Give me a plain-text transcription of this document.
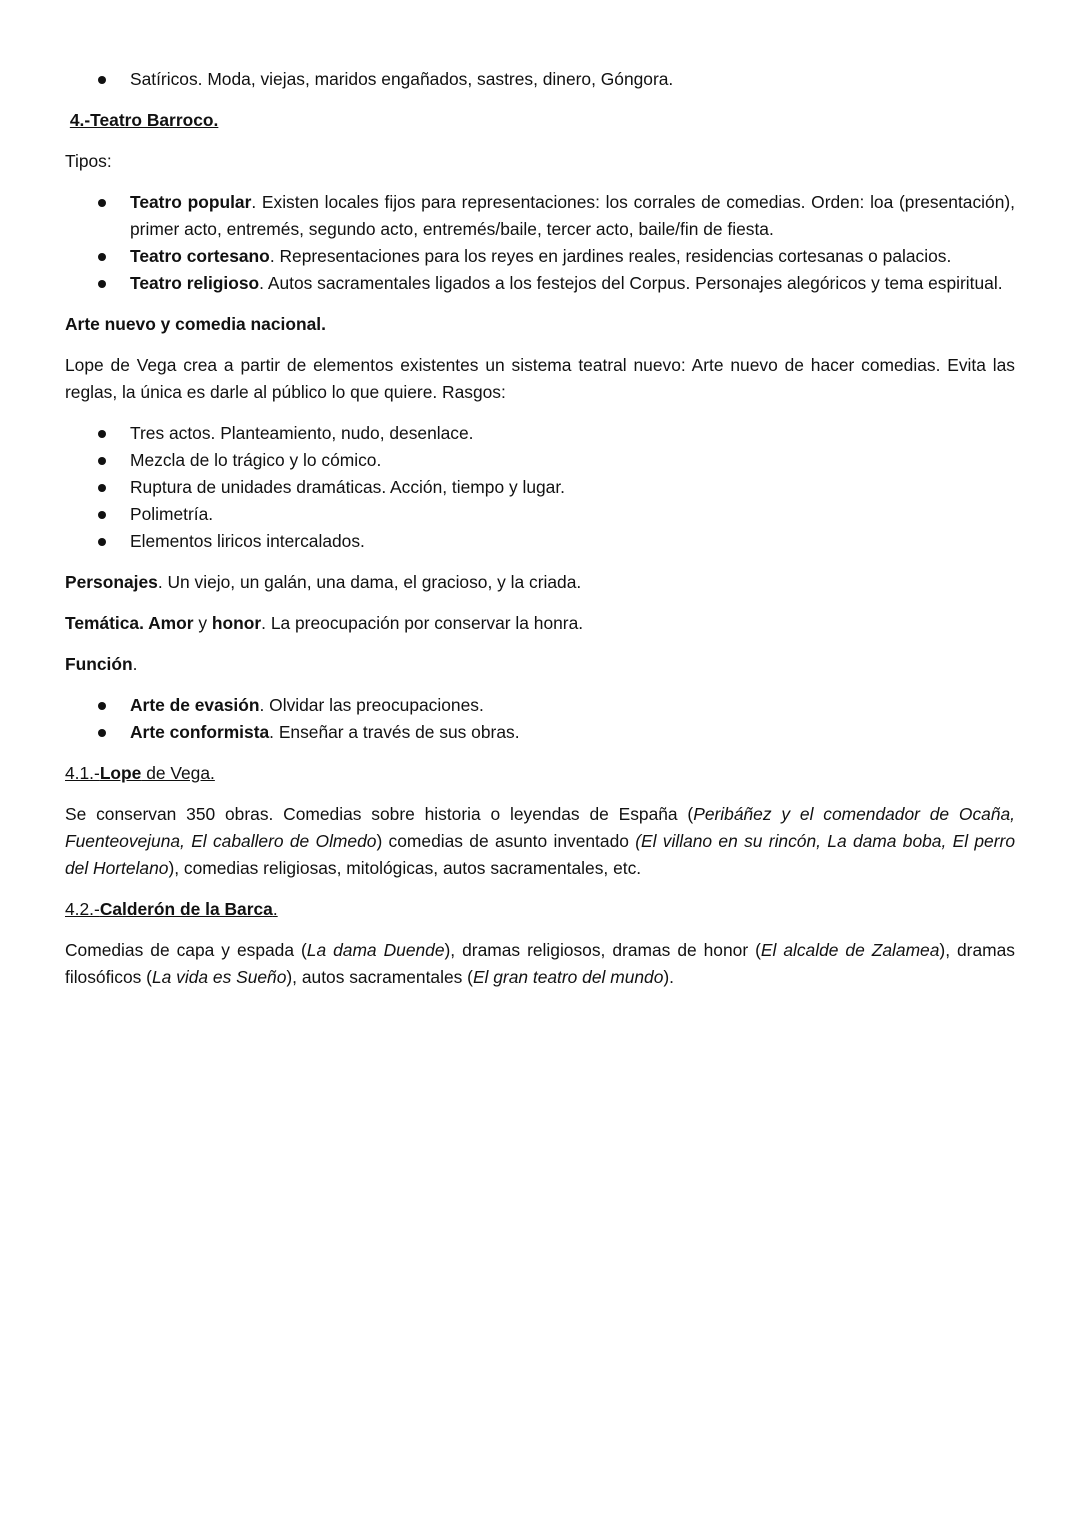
Satíricos. Moda, viejas, maridos engañados, sastres, dinero, Góngora.

4.-Teatro Barroco.

Tipos:

Teatro popular. Existen locales fijos para representaciones: los corrales de comedias. Orden: loa (presentación), primer acto, entremés, segundo acto, entremés/baile, tercer acto, baile/fin de fiesta.
Teatro cortesano. Representaciones para los reyes en jardines reales, residencias cortesanas o palacios.
Teatro religioso. Autos sacramentales ligados a los festejos del Corpus. Personajes alegóricos y tema espiritual.

Arte nuevo y comedia nacional.

Lope de Vega crea a partir de elementos existentes un sistema teatral nuevo: Arte nuevo de hacer comedias. Evita las reglas, la única es darle al público lo que quiere. Rasgos:

Tres actos. Planteamiento, nudo, desenlace.
Mezcla de lo trágico y lo cómico.
Ruptura de unidades dramáticas. Acción, tiempo y lugar.
Polimetría.
Elementos liricos intercalados.

Personajes. Un viejo, un galán, una dama, el gracioso, y la criada.

Temática. Amor y honor. La preocupación por conservar la honra.

Función.

Arte de evasión. Olvidar las preocupaciones.
Arte conformista. Enseñar a través de sus obras.

4.1.-Lope de Vega.

Se conservan 350 obras. Comedias sobre historia o leyendas de España (Peribáñez y el comendador de Ocaña, Fuenteovejuna, El caballero de Olmedo) comedias de asunto inventado (El villano en su rincón, La dama boba, El perro del Hortelano), comedias religiosas, mitológicas, autos sacramentales, etc.

4.2.-Calderón de la Barca.

Comedias de capa y espada (La dama Duende), dramas religiosos, dramas de honor (El alcalde de Zalamea), dramas filosóficos (La vida es Sueño), autos sacramentales (El gran teatro del mundo).
